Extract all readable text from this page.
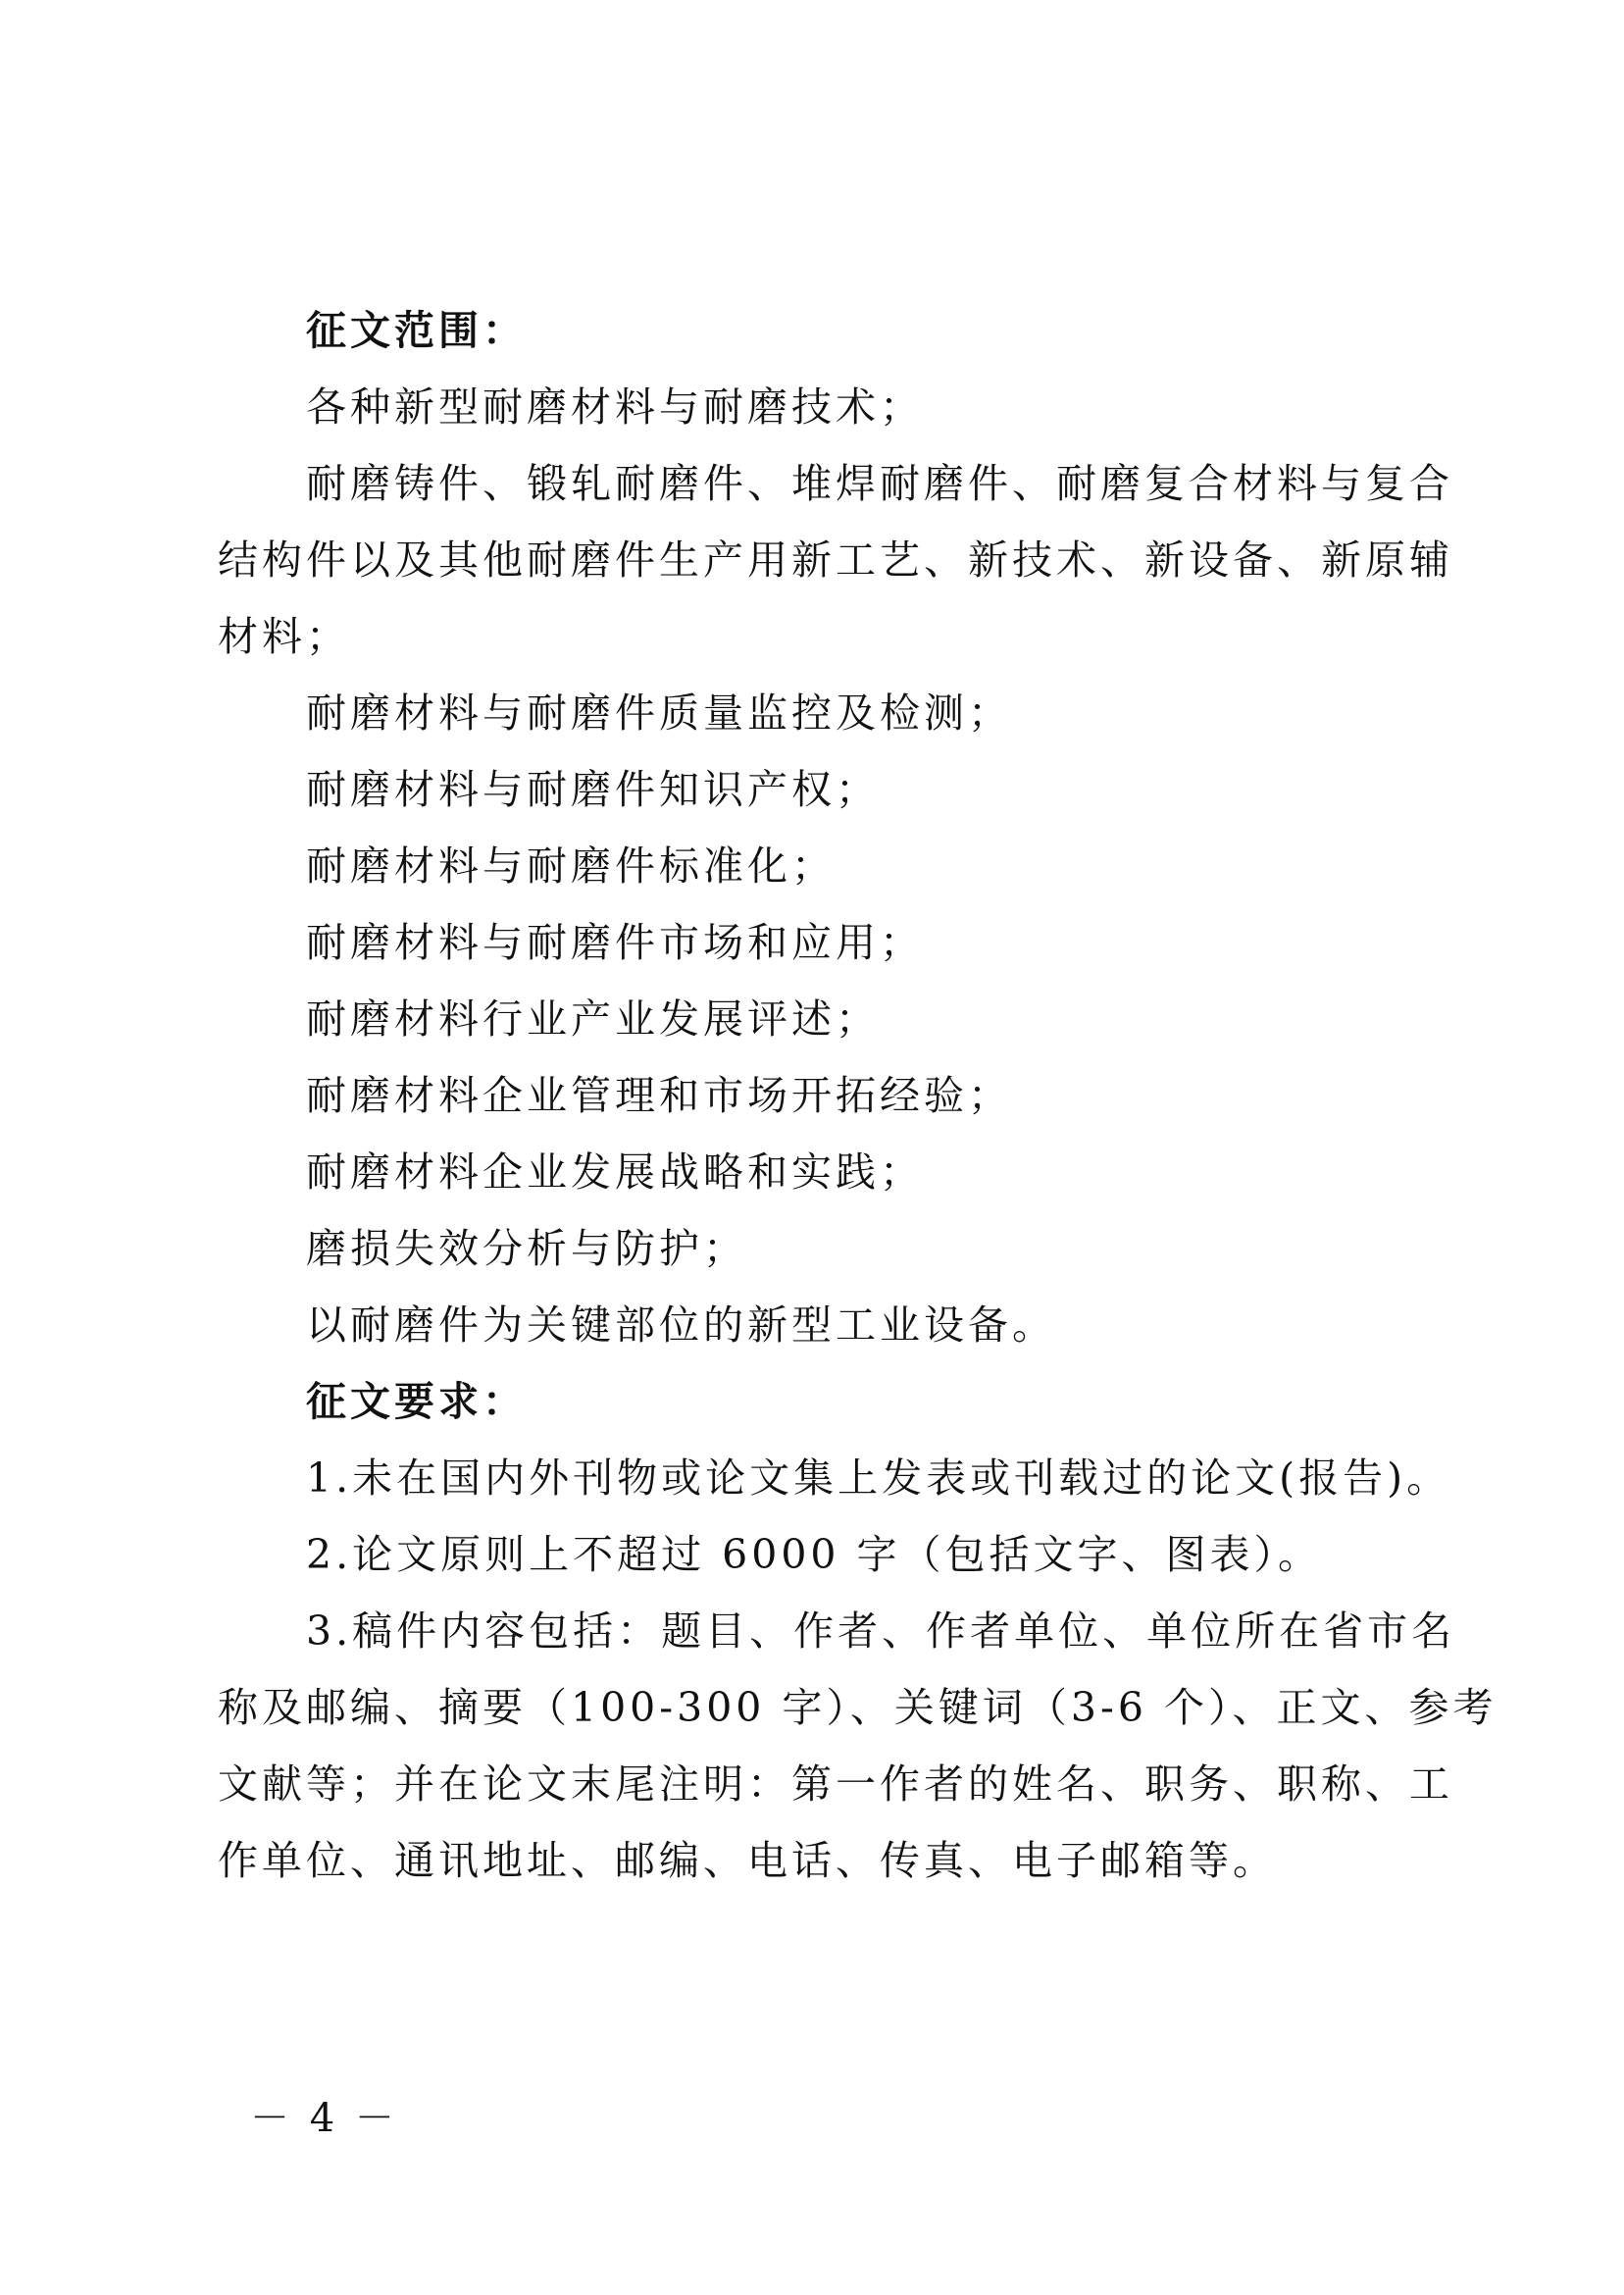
征文范围：
各种新型耐磨材料与耐磨技术；
耐磨铸件、锻轧耐磨件、堆焊耐磨件、耐磨复合材料与复合
结构件以及其他耐磨件生产用新工艺、新技术、新设备、新原辅
材料；
耐磨材料与耐磨件质量监控及检测；
耐磨材料与耐磨件知识产权；
耐磨材料与耐磨件标准化；
耐磨材料与耐磨件市场和应用；
耐磨材料行业产业发展评述；
耐磨材料企业管理和市场开拓经验；
耐磨材料企业发展战略和实践；
磨损失效分析与防护；
以耐磨件为关键部位的新型工业设备。
征文要求：
1.未在国内外刊物或论文集上发表或刊载过的论文(报告)。
2.论文原则上不超过 6000 字（包括文字、图表）。
3.稿件内容包括：题目、作者、作者单位、单位所在省市名
称及邮编、摘要（100-300 字）、关键词（3-6 个）、正文、参考
文献等；并在论文末尾注明：第一作者的姓名、职务、职称、工
作单位、通讯地址、邮编、电话、传真、电子邮箱等。
－ 4 －
